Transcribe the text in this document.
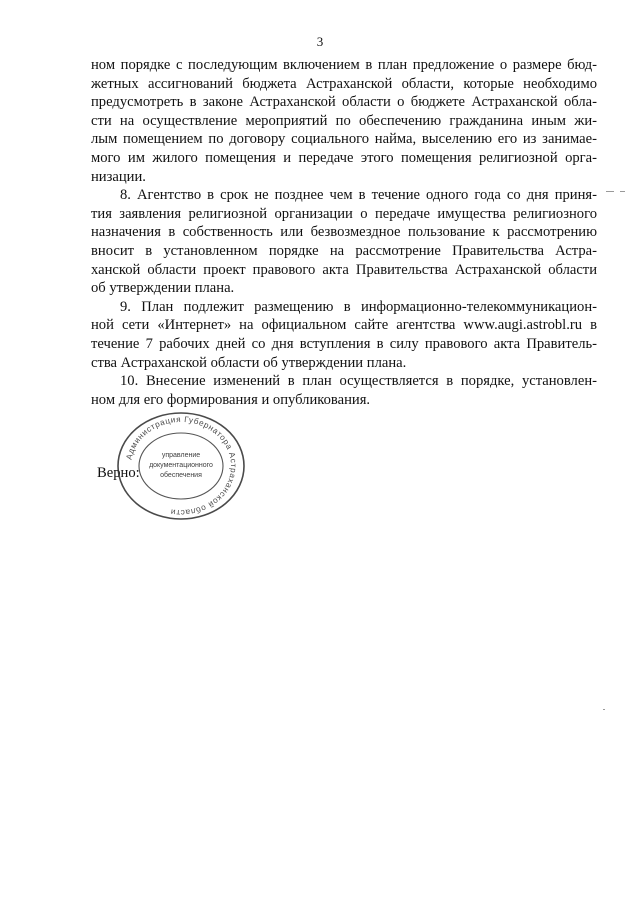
3
ном порядке с последующим включением в план предложение о размере бюд-
жетных ассигнований бюджета Астраханской области, которые необходимо
предусмотреть в законе Астраханской области о бюджете Астраханской обла-
сти на осуществление мероприятий по обеспечению гражданина иным жи-
лым помещением по договору социального найма, выселению его из занимае-
мого им жилого помещения и передаче этого помещения религиозной орга-
низации.
8. Агентство в срок не позднее чем в течение одного года со дня приня-
тия заявления религиозной организации о передаче имущества религиозного
назначения в собственность или безвозмездное пользование к рассмотрению
вносит в установленном порядке на рассмотрение Правительства Астра-
ханской области проект правового акта Правительства Астраханской области
об утверждении плана.
9. План подлежит размещению в информационно-телекоммуникацион-
ной сети «Интернет» на официальном сайте агентства www.augi.astrobl.ru в
течение 7 рабочих дней со дня вступления в силу правового акта Правитель-
ства Астраханской области об утверждении плана.
10. Внесение изменений в план осуществляется в порядке, установлен-
ном для его формирования и опубликования.
Верно:
Администрация Губернатора Астраханской области
управление
документационного
обеспечения
